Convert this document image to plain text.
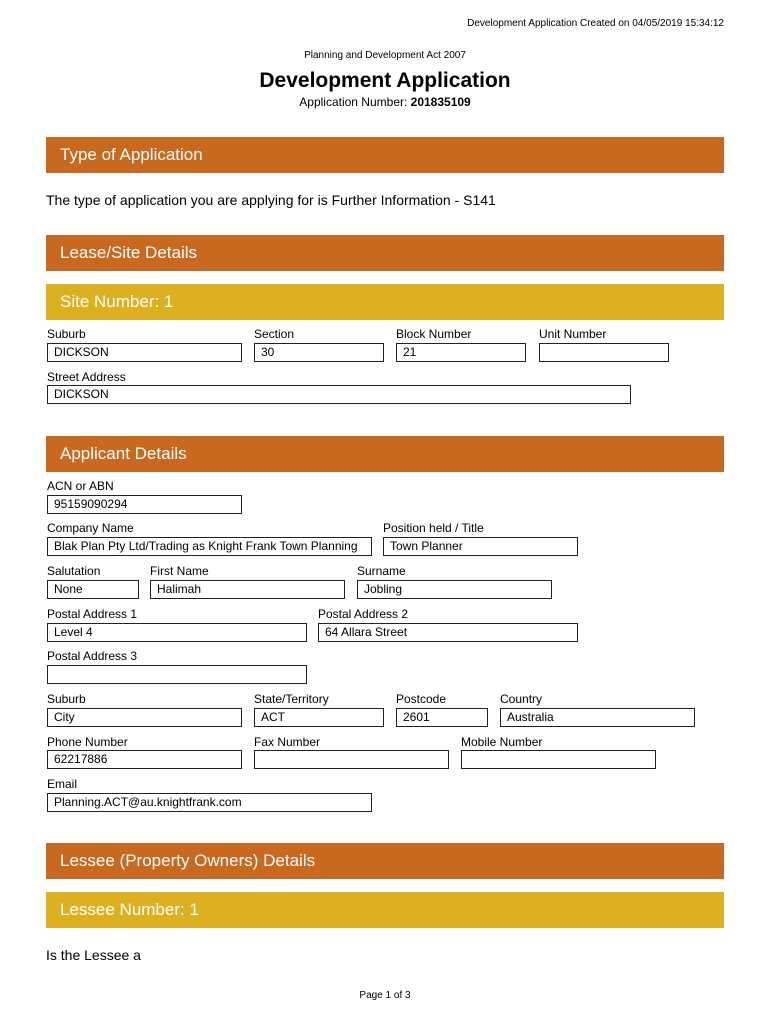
Development Application Created on 04/05/2019 15:34:12
Planning and Development Act 2007
Development Application
Application Number: 201835109
Type of Application
The type of application you are applying for is Further Information - S141
Lease/Site Details
Site Number: 1
Suburb
DICKSON
Section
30
Block Number
21
Unit Number
Street Address
DICKSON
Applicant Details
ACN or ABN
95159090294
Company Name
Blak Plan Pty Ltd/Trading as Knight Frank Town Planning
Position held / Title
Town Planner
Salutation
None
First Name
Halimah
Surname
Jobling
Postal Address 1
Level 4
Postal Address 2
64 Allara Street
Postal Address 3
Suburb
City
State/Territory
ACT
Postcode
2601
Country
Australia
Phone Number
62217886
Fax Number	Mobile Number
Email
Planning.ACT@au.knightfrank.com
Lessee (Property Owners) Details
Lessee Number: 1
Is the Lessee a
Page 1 of 3
